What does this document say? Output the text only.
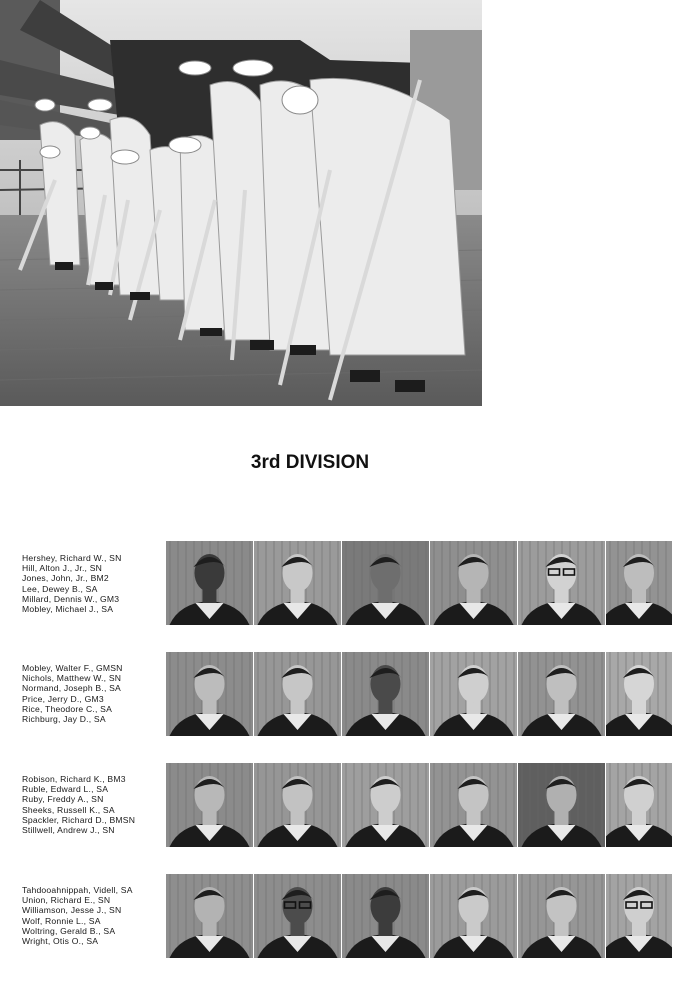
3rd DIVISION
Hershey, Richard W., SN
Hill, Alton J., Jr., SN
Jones, John, Jr., BM2
Lee, Dewey B., SA
Millard, Dennis W., GM3
Mobley, Michael J., SA
Mobley, Walter F., GMSN
Nichols, Matthew W., SN
Normand, Joseph B., SA
Price, Jerry D., GM3
Rice, Theodore C., SA
Richburg, Jay D., SA
Robison, Richard K., BM3
Ruble, Edward L., SA
Ruby, Freddy A., SN
Sheeks, Russell K., SA
Spackler, Richard D., BMSN
Stillwell, Andrew J., SN
Tahdooahnippah, Videll, SA
Union, Richard E., SN
Williamson, Jesse J., SN
Wolf, Ronnie L., SA
Woltring, Gerald B., SA
Wright, Otis O., SA
